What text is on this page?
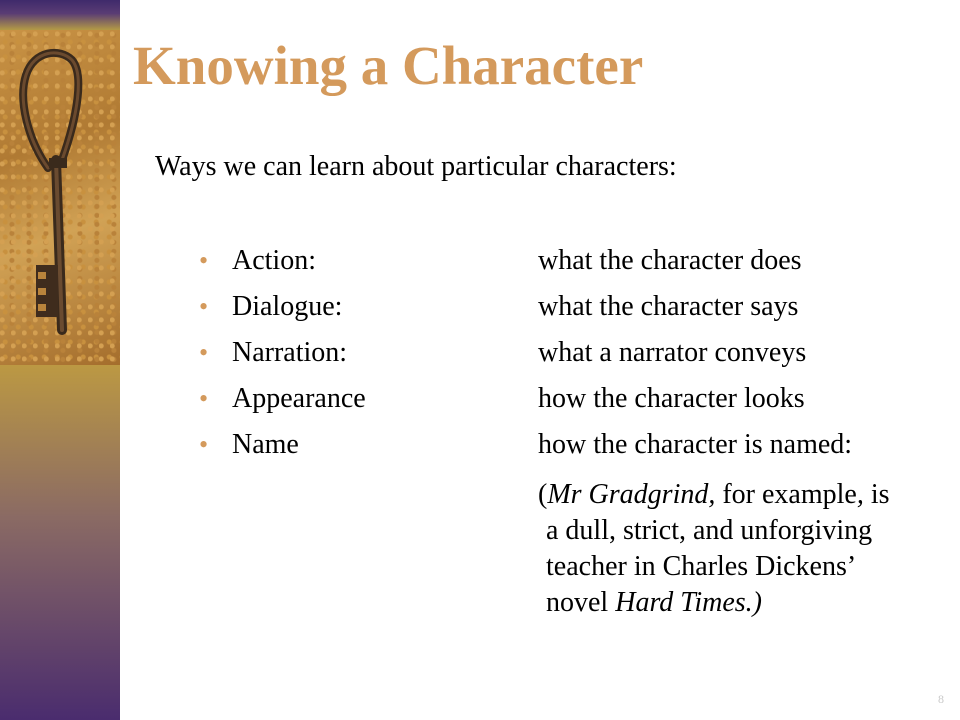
Knowing a Character
Ways we can learn about particular characters:
• Action:	what the character does
• Dialogue:	what the character says
• Narration:	what a narrator conveys
• Appearance	how the character looks
• Name	how the character is named:
(Mr Gradgrind, for example, is
a dull, strict, and unforgiving
teacher in Charles Dickens’
novel Hard Times.)
8
